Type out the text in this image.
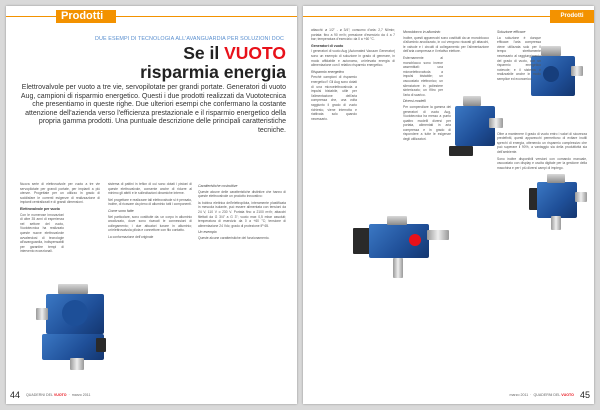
Prodotti
DUE ESEMPI DI TECNOLOGIA ALL'AVANGUARDIA PER SOLUZIONI DOC
Se il VUOTO
risparmia energia
Elettrovalvole per vuoto a tre vie, servopilotate per grandi portate. Generatori di vuoto Aug, campioni di risparmio energetico. Questi i due prodotti realizzati da Vuototecnica che presentiamo in queste righe. Due ulteriori esempi che confermano la costante attenzione dell'azienda verso l'efficienza prestazionale e il risparmio energetico della propria gamma prodotti. Una puntuale descrizione delle principali caratteristiche tecniche.

Nuova serie di elettrovalvole per vuoto a tre vie servopilotate per grandi portate, per impianti a più utenze. Progettate per un utilizzo in grado di soddisfare le correnti esigenze di realizzazione di impianti centralizzati e di grandi dimensioni.

Elettrovalvole per vuoto

Con le numerose innovazioni di oltre 35 anni di esperienza nel settore del vuoto, Vuototecnica ha realizzato queste nuove elettrovalvole avvalendosi di tecnologie all'avanguardia, indispensabili per garantire tempi di intervento eccezionali.

sistema di pattini in teflon di cui sono dotati i pistoni di queste elettrovalvole, consente anche di ridurre al minimo gli attriti e le sollecitazioni dinamiche interne.

Nel progettare e realizzare tali elettrovalvole si è pensato, inoltre, di ricavare da pieno di alluminio tutti i componenti.

Come sono fatte

Nel particolare, sono costituite da: un corpo in alluminio anodizzato, dove sono ricavati le connessioni di collegamento; i due attuatori lunare in alluminio; un'elettrovalvola pilota e connettore con filo contatto.

La conformazione dell'originale

Caratteristiche costruttive

Queste alcune delle caratteristiche distintive che hanno di queste elettrovalvole un prodotto innovativo:

la bobina elettrica dell'elettropilota, interamente plastificata in mescola isolante, può essere alimentata con tensioni da 24 V, 110 V o 230 V. Portata fino a 2100 m³/h; attacchi filettati da G 3/4" a G 3"; vuoto max 0,5 mbar assoluti; temperatura di esercizio da 0 a +60 °C; tensione di alimentazione 24 Vdc; grado di protezione IP 65.

Un esempio

Queste alcune caratteristiche del funzionamento.

44 QUADERNI DEL VUOTO  ·  marzo 2011
Prodotti

attacchi: ø 1/2" - ø 3/4"; consumo d'aria: 2,7 Nl/min; portata: fino a 90 m³/h; pressione d'esercizio da 4 a 7 bar; temperatura d'esercizio: da 0 a +60 °C.

Generatori di vuoto

I generatori di vuoto Aug (Automated Vacuum Generator) sono un esempio di soluzione in grado di generare, in modo affidabile e autonomo, un'elevata energia di alimentazione con il relativo risparmio energetico.

Risparmio energetico

Perché campioni di risparmio energetico? Gli Aug sono dotati di una microelettrovalvola a impulsi bistabile, utile per l'alimentazione dell'aria compressa che, una volta raggiunto il grado di vuoto richiesto, viene interrotta e riattivata solo quando necessario.

Monoblocco in alluminio

Inoltre, questi apparecchi sono costituiti da un monoblocco d'alluminio anodizzato, in cui vengono ricavati gli attacchi, le valvole e i circuiti di collegamento per l'alimentazione dell'aria compressa e il relativo eiettore.

Esternamente al monoblocco sono invece assemblati: una microelettrovalvola a impulsi bistabile; un vacuostato elettronico; un silenziatore in poliestere sinterizzato; un filtro per l'aria di scarico.

Diversi modelli

Per compendiare la gamma dei generatori di vuoto Aug, Vuototecnica ha messo a punto quattro modelli diversi per portata, alimentati in aria compressa e in grado di rispondere a tutte le esigenze degli utilizzatori.

Soluzione efficace

La soluzione è dunque efficace: l'aria compressa viene utilizzata solo per il tempo strettamente necessario al raggiungimento del grado di vuoto, con un risparmio energetico notevole; e il sistema è realizzabile anche in modo semplice ed economico.

Oltre a mantenere il grado di vuoto entro i valori di sicurezza predefiniti, questi apparecchi permettono di evitare inutili sprechi di energia, ottenendo un risparmio complessivo che può superare il 90%, a vantaggio sia della produttività sia dell'ambiente.

Sono inoltre disponibili versioni con comando manuale, vacuostato con display e uscita digitale per la gestione della macchina e per i più diversi campi di impiego.

marzo 2011  ·  QUADERNI DEL VUOTO 45
